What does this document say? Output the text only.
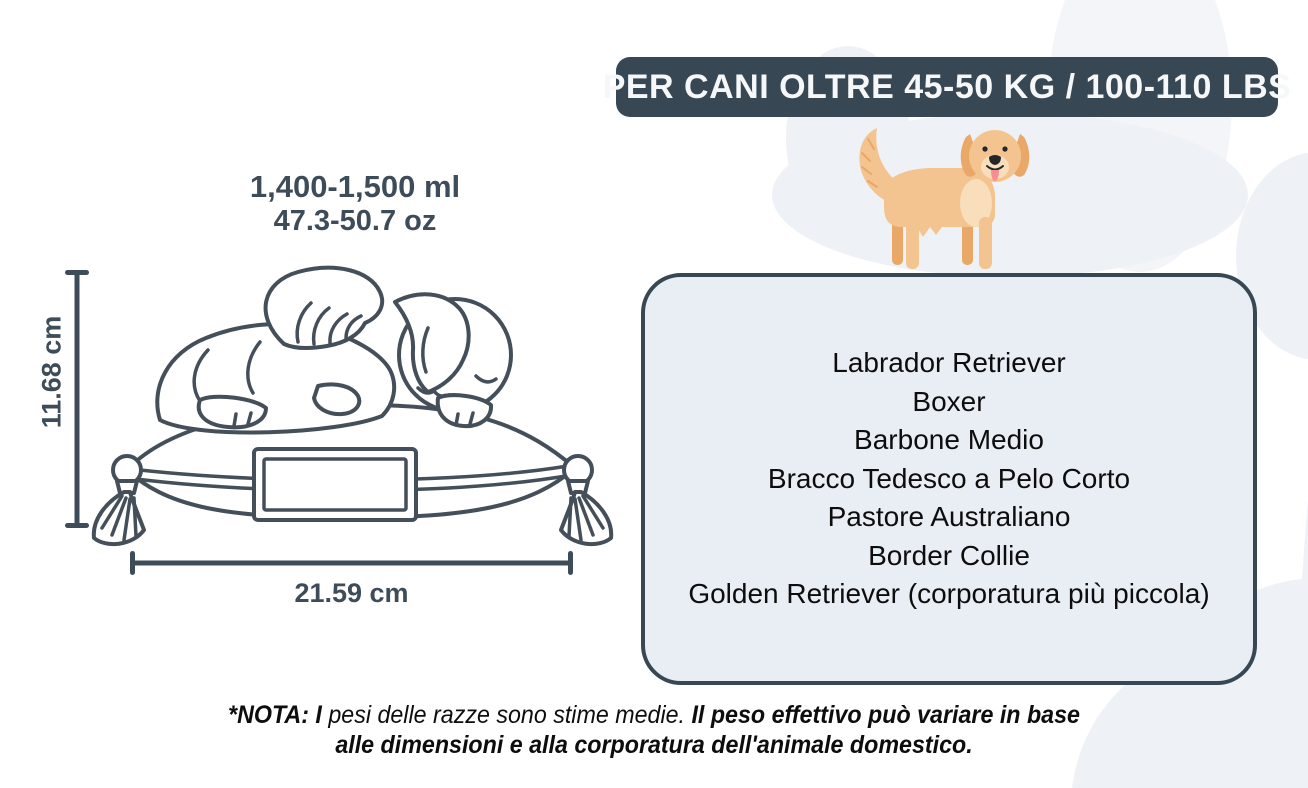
PER CANI OLTRE 45-50 KG / 100-110 LBS
1,400-1,500 ml
47.3-50.7 oz
11.68 cm
21.59 cm
Labrador Retriever
Boxer
Barbone Medio
Bracco Tedesco a Pelo Corto
Pastore Australiano
Border Collie
Golden Retriever (corporatura più piccola)
*NOTA: I pesi delle razze sono stime medie. Il peso effettivo può variare in base
alle dimensioni e alla corporatura dell'animale domestico.
